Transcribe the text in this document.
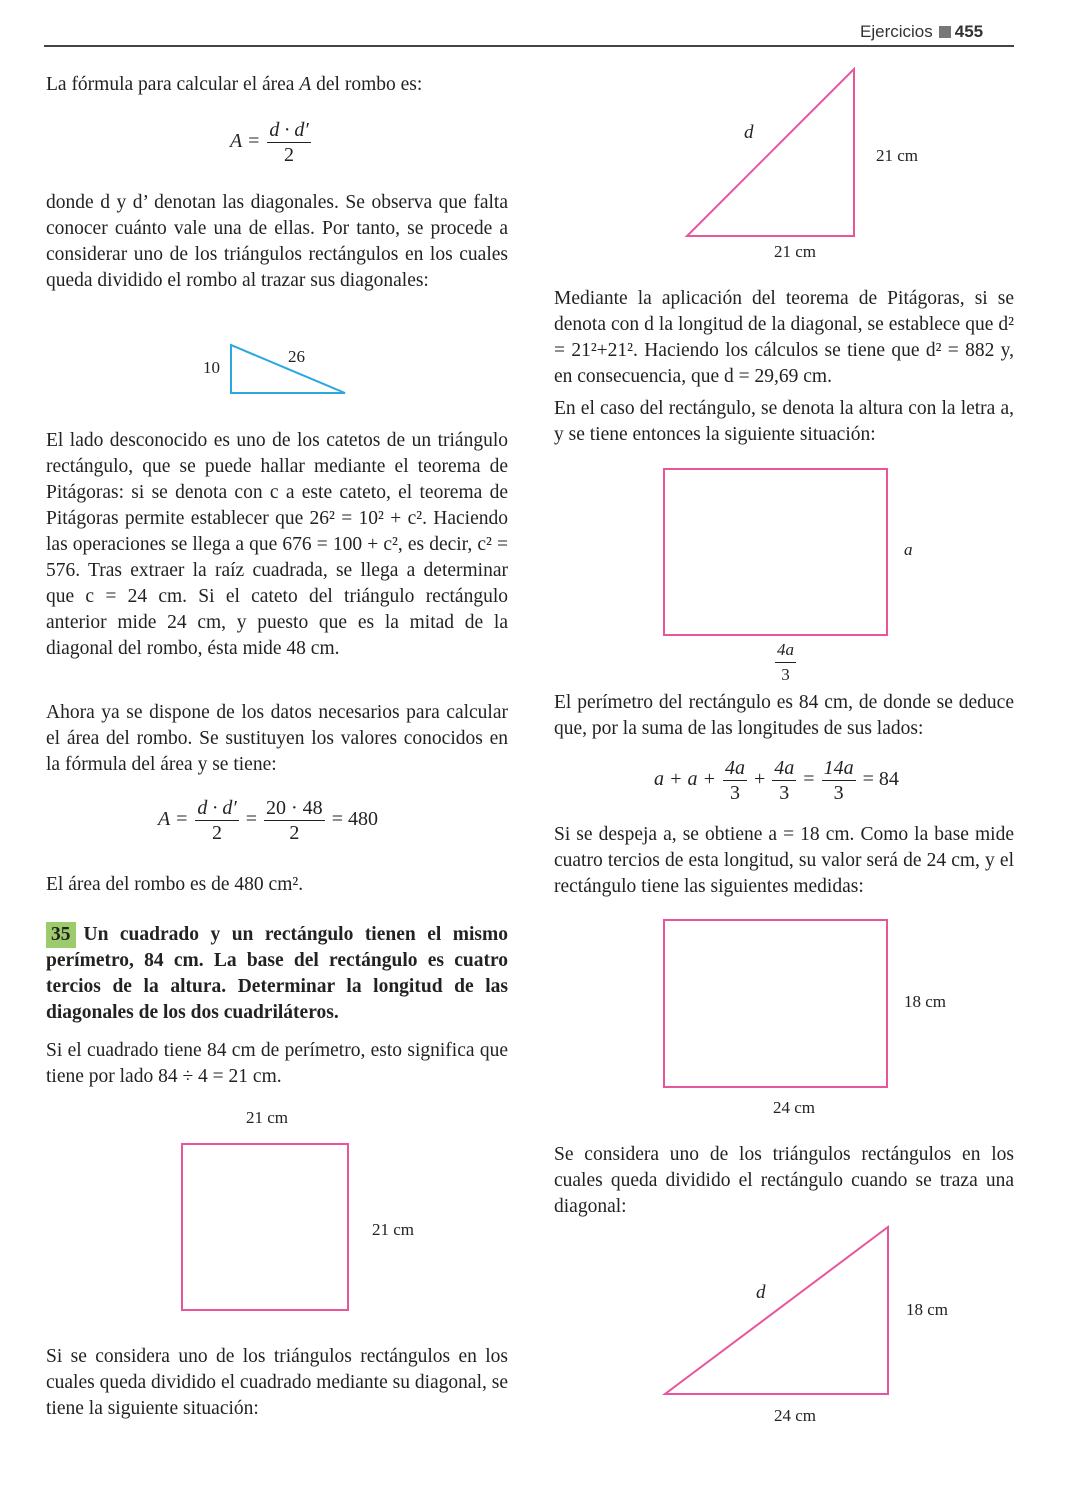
Ejercicios 455
La fórmula para calcular el área A del rombo es:
$A = \frac{d \cdot d'}{2}$
donde d y d’ denotan las diagonales. Se observa que falta conocer cuánto vale una de ellas. Por tanto, se procede a considerar uno de los triángulos rectángulos en los cuales queda dividido el rombo al trazar sus diagonales:
10
26
El lado desconocido es uno de los catetos de un triángulo rectángulo, que se puede hallar mediante el teorema de Pitágoras: si se denota con c a este cateto, el teorema de Pitágoras permite establecer que 26² = 10² + c². Haciendo las operaciones se llega a que 676 = 100 + c², es decir, c² = 576. Tras extraer la raíz cuadrada, se llega a determinar que c = 24 cm. Si el cateto del triángulo rectángulo anterior mide 24 cm, y puesto que es la mitad de la diagonal del rombo, ésta mide 48 cm.
Ahora ya se dispone de los datos necesarios para calcular el área del rombo. Se sustituyen los valores conocidos en la fórmula del área y se tiene:
$A = \frac{d \cdot d'}{2} = \frac{20 \cdot 48}{2} = 480$
El área del rombo es de 480 cm².
35 Un cuadrado y un rectángulo tienen el mismo perímetro, 84 cm. La base del rectángulo es cuatro tercios de la altura. Determinar la longitud de las diagonales de los dos cuadriláteros.
Si el cuadrado tiene 84 cm de perímetro, esto significa que tiene por lado 84 ÷ 4 = 21 cm.
21 cm
21 cm
Si se considera uno de los triángulos rectángulos en los cuales queda dividido el cuadrado mediante su diagonal, se tiene la siguiente situación:
d
21 cm
21 cm
Mediante la aplicación del teorema de Pitágoras, si se denota con d la longitud de la diagonal, se establece que d² = 21²+21². Haciendo los cálculos se tiene que d² = 882 y, en consecuencia, que d = 29,69 cm.
En el caso del rectángulo, se denota la altura con la letra a, y se tiene entonces la siguiente situación:
a
$\frac{4a}{3}$
El perímetro del rectángulo es 84 cm, de donde se deduce que, por la suma de las longitudes de sus lados:
$a + a + \frac{4a}{3} + \frac{4a}{3} = \frac{14a}{3} = 84$
Si se despeja a, se obtiene a = 18 cm. Como la base mide cuatro tercios de esta longitud, su valor será de 24 cm, y el rectángulo tiene las siguientes medidas:
18 cm
24 cm
Se considera uno de los triángulos rectángulos en los cuales queda dividido el rectángulo cuando se traza una diagonal:
d
18 cm
24 cm
